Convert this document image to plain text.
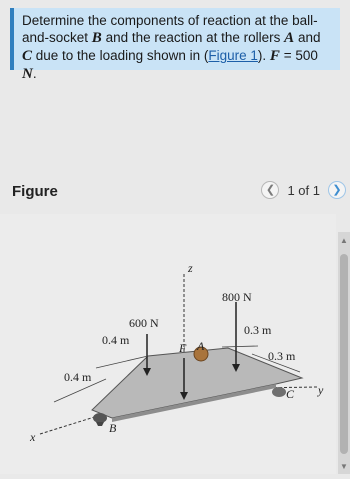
Determine the components of reaction at the ball-and-socket B and the reaction at the rollers A and C due to the loading shown in (Figure 1). F = 500 N.
Figure	❮ 1 of 1	❯
z
x
y
B
A
C
F
600 N
800 N
0.4 m
0.4 m
0.3 m
0.3 m
▲
▼
